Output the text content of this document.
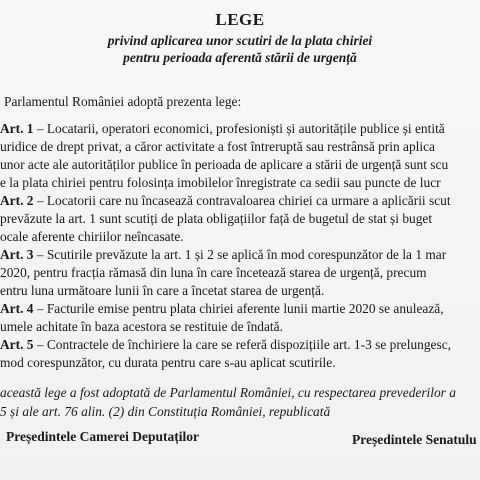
LEGE
privind aplicarea unor scutiri de la plata chiriei
pentru perioada aferentă stării de urgență
Parlamentul României adoptă prezenta lege:
Art. 1 – Locatarii, operatori economici, profesioniști și autoritățile publice și entită
uridice de drept privat, a căror activitate a fost întreruptă sau restrânsă prin aplica
unor acte ale autorităților publice în perioada de aplicare a stării de urgență sunt scu
e la plata chiriei pentru folosința imobilelor înregistrate ca sedii sau puncte de lucr
Art. 2 – Locatorii care nu încasează contravaloarea chiriei ca urmare a aplicării scut
prevăzute la art. 1 sunt scutiți de plata obligațiilor față de bugetul de stat și buget
ocale aferente chiriilor neîncasate.
Art. 3 – Scutirile prevăzute la art. 1 și 2 se aplică în mod corespunzător de la 1 mar
2020, pentru fracția rămasă din luna în care încetează starea de urgență, precum
entru luna următoare lunii în care a încetat starea de urgență.
Art. 4 – Facturile emise pentru plata chiriei aferente lunii martie 2020 se anulează,
umele achitate în baza acestora se restituie de îndată.
Art. 5 – Contractele de închiriere la care se referă dispozițiile art. 1-3 se prelungesc,
mod corespunzător, cu durata pentru care s-au aplicat scutirile.
această lege a fost adoptată de Parlamentul României, cu respectarea prevederilor a
5 și ale art. 76 alin. (2) din Constituția României, republicată
Președintele Camerei Deputaților	Președintele Senatulu
